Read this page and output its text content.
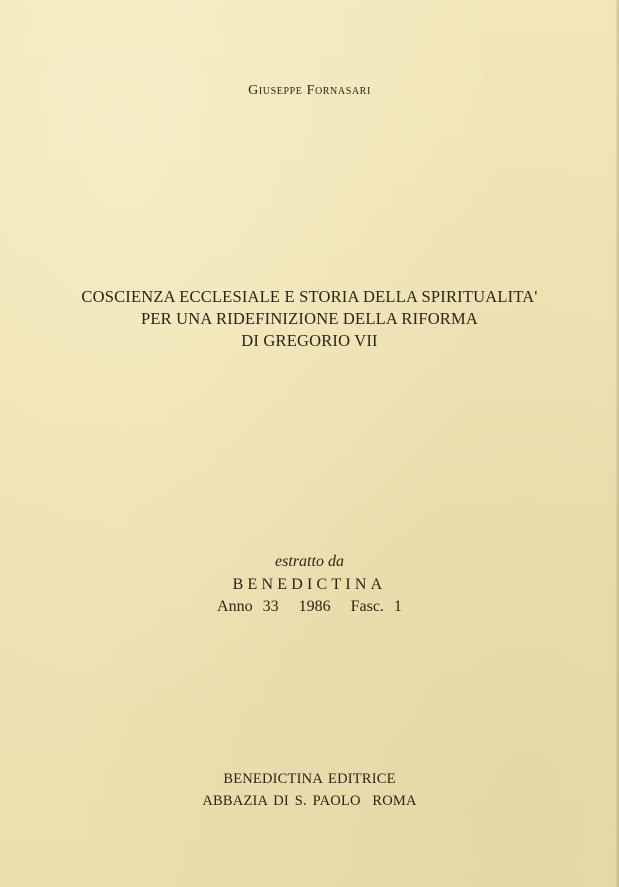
Giuseppe Fornasari
COSCIENZA ECCLESIALE E STORIA DELLA SPIRITUALITA'
PER UNA RIDEFINIZIONE DELLA RIFORMA
DI GREGORIO VII
estratto da
BENEDICTINA
Anno 33  1986  Fasc. 1
BENEDICTINA EDITRICE
ABBAZIA DI S. PAOLO  ROMA
